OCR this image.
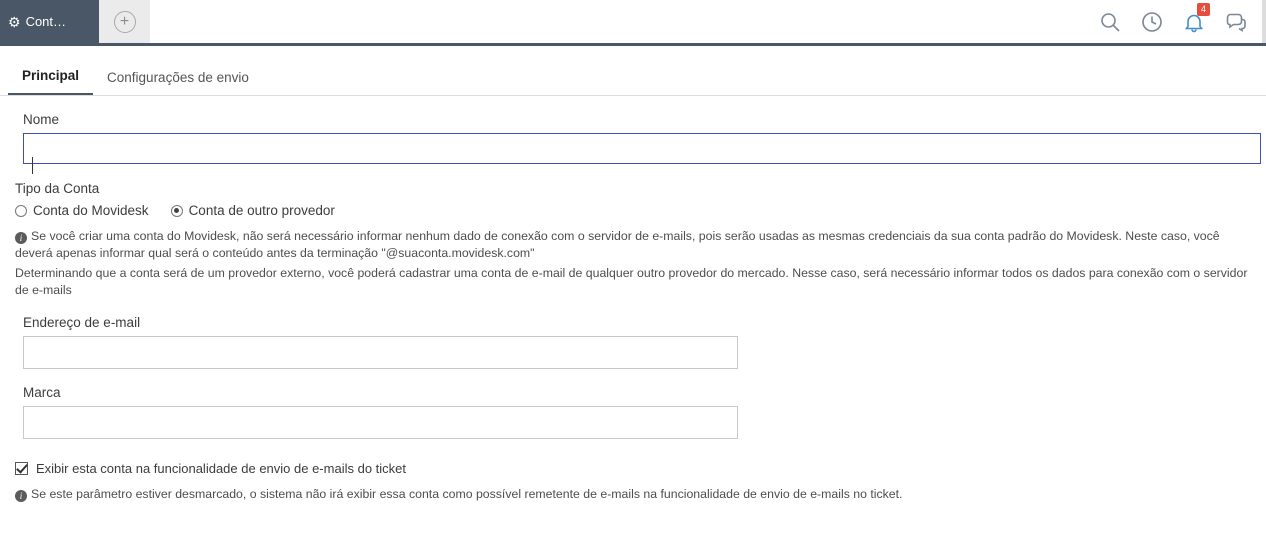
⚙ Cont…	+
4
Principal	Configurações de envio
Nome
Tipo da Conta
Conta do Movidesk	Conta de outro provedor
i Se você criar uma conta do Movidesk, não será necessário informar nenhum dado de conexão com o servidor de e-mails, pois serão usadas as mesmas credenciais da sua conta padrão do Movidesk. Neste caso, você deverá apenas informar qual será o conteúdo antes da terminação "@suaconta.movidesk.com"
Determinando que a conta será de um provedor externo, você poderá cadastrar uma conta de e-mail de qualquer outro provedor do mercado. Nesse caso, será necessário informar todos os dados para conexão com o servidor de e-mails
Endereço de e-mail
Marca
Exibir esta conta na funcionalidade de envio de e-mails do ticket
i Se este parâmetro estiver desmarcado, o sistema não irá exibir essa conta como possível remetente de e-mails na funcionalidade de envio de e-mails no ticket.
